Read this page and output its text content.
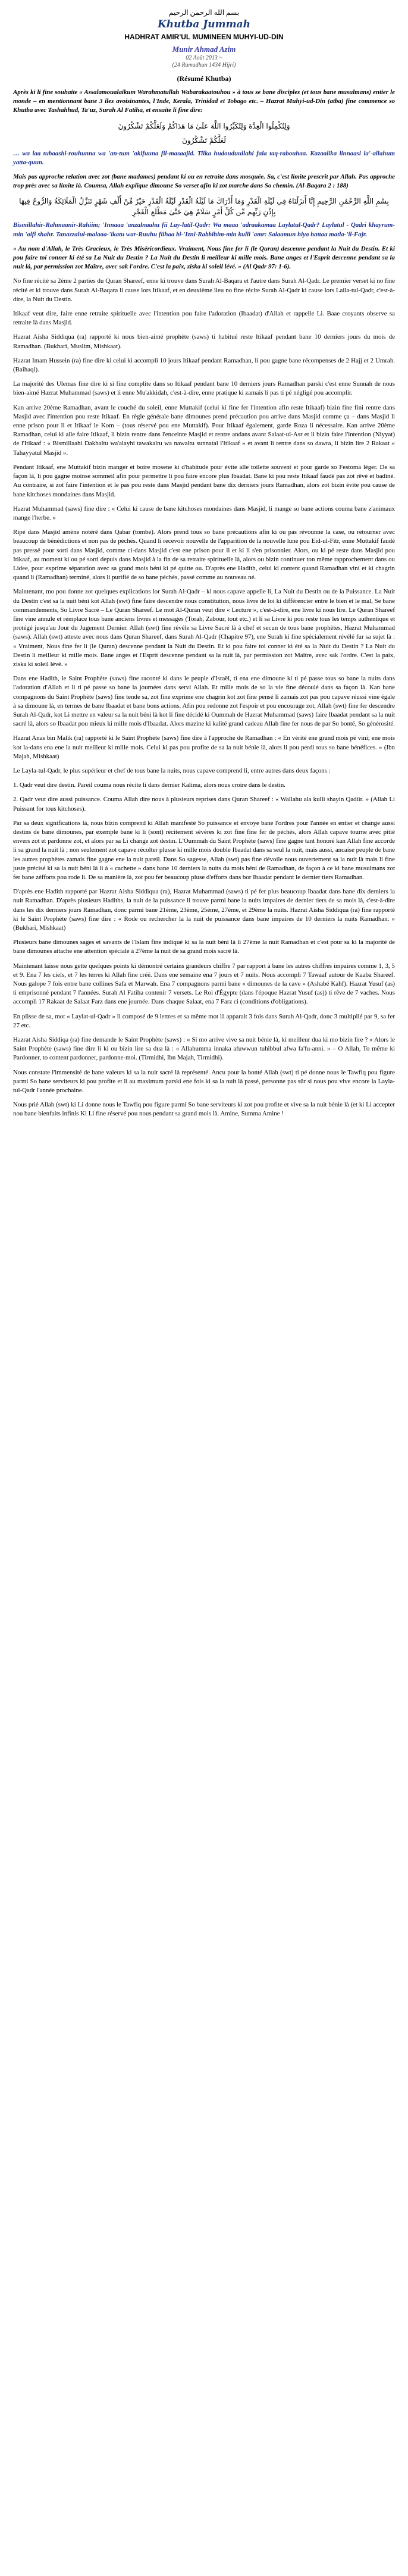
بسم الله الرحمن الرحيم
Khutba Jummah
HADHRAT AMIR'UL MUMINEEN MUHYI-UD-DIN
Munir Ahmad Azim
02 Août 2013 ~
(24 Ramadhan 1434 Hijri)
(Résumé Khutba)

Après ki li fine souhaite « Assalamoualaikum Warahmatullah Wabarakaatouhou » à tous se bane disciples (et tous bane musulmans) entier le monde – en mentionnant bane 3 îles avoisinantes, l'Inde, Kerala, Trinidad et Tobago etc. – Hazrat Muhyi-ud-Din (atba) fine commence so Khutba avec Tashahhud, Ta'uz, Surah Al Fatiha, et ensuite li fine dire:

وَلِتُكْمِلُوا الْعِدَّةَ وَلِتُكَبِّرُوا اللَّهَ عَلَىٰ مَا هَدَاكُمْ وَلَعَلَّكُمْ تَشْكُرُونَ
لَعَلَّكُمْ تَشْكُرُونَ

… wa laa tubaashi-rouhunna wa 'an-tum 'akifuuna fil-masaajid. Tilka hudouduullahi fala taq-rabouhaa. Kazaalika linnaasi la'-allahum yatta-quun.

Mais pas approche relation avec zot (bane madames) pendant ki ou en retraite dans mosquée. Sa, c'est limite prescrit par Allah. Pas approche trop près avec sa limite là. Coumsa, Allah explique dimoune So verset afin ki zot marche dans So chemin. (Al-Baqara 2 : 188)

بِسْمِ اللَّهِ الرَّحْمَٰنِ الرَّحِيمِ إِنَّا أَنزَلْنَاهُ فِي لَيْلَةِ الْقَدْرِ وَمَا أَدْرَاكَ مَا لَيْلَةُ الْقَدْرِ لَيْلَةُ الْقَدْرِ خَيْرٌ مِّنْ أَلْفِ شَهْرٍ تَنَزَّلُ الْمَلَائِكَةُ وَالرُّوحُ فِيهَا بِإِذْنِ رَبِّهِم مِّن كُلِّ أَمْرٍ سَلَامٌ هِيَ حَتَّىٰ مَطْلَعِ الْفَجْرِ

Bismillahir-Rahmaanir-Rahiim; 'Innaaa 'anzalnaahu fii Lay-latil-Qadr: Wa maaa 'adraakamaa Laylatul-Qadr? Laylatul - Qadri khayrum-min 'alfi shahr. Tanazzalul-malaaa-'ikatu war-Ruuhu fiihaa bi-'Izni-Rabbihim-min kulli 'amr: Salaamun hiya hattaa matla-'il-Fajr.

« Au nom d'Allah, le Très Gracieux, le Très Miséricordieux. Vraiment, Nous fine fer li (le Quran) descenne pendant la Nuit du Destin. Et ki pou faire toi conner ki été sa La Nuit du Destin ? La Nuit du Destin li meilleur ki mille mois. Bane anges et l'Esprit descenne pendant sa la nuit là, par permission zot Maître, avec sak l'ordre. C'est la paix, ziska ki soleil lévé. » (Al Qadr 97: 1-6).

No fine récité sa 2ème 2 parties du Quran Shareef, enne ki trouve dans Surah Al-Baqara et l'autre dans Surah Al-Qadr. Le premier verset ki no fine récité et ki trouve dans Surah Al-Baqara li cause lors Itikaaf, et en deuxième lieu no fine récite Surah Al-Qadr ki cause lors Laila-tul-Qadr, c'est-à-dire, la Nuit du Destin.

Itikaaf veut dire, faire enne retraite spirituelle avec l'intention pou faire l'adoration (Ibaadat) d'Allah et rappelle Li. Baae croyants observe sa retraite là dans Masjid.

Hazrat Aisha Siddiqua (ra) rapporté ki nous bien-aimé prophète (saws) ti habitué reste Itikaaf pendant bane 10 derniers jours du mois de Ramadhan. (Bukhari, Muslim, Mishkaat).

Hazrat Imam Hussein (ra) fine dire ki celui ki accompli 10 jours Itikaaf pendant Ramadhan, li pou gagne bane récompenses de 2 Hajj et 2 Umrah. (Baihaqi).

La majorité des Ulemas fine dire ki si fine complite dans so Itikaaf pendant bane 10 derniers jours Ramadhan parski c'est enne Sunnah de nous bien-aimé Hazrat Muhammad (saws) et li enne Mu'akkidah, c'est-à-dire, enne pratique ki zamais li pas ti pé négligé pou accomplir.

Kan arrive 20ème Ramadhan, avant le couché du soleil, enne Muttakif (celui ki fine fer l'intention afin reste Itikaaf) bizin fine fini rentre dans Masjid avec l'intention pou reste Itikaaf. En règle générale bane dimounes prend précaution pou arrive dans Masjid comme ça – dans Masjid li enne prison pour li et Itikaaf le Kom – (tous réservé pou ene Muttakif). Pour Itikaaf également, garde Roza li nécessaire. Kan arrive 20ème Ramadhan, celui ki alle faire Itikaaf, li bizin rentre dans l'enceinte Masjid et rentre andans avant Salaat-ul-Asr et li bizin faire l'intention (Niyyat) de l'Itikaaf : « Bismillaahi Dakhaltu wa'alayhi tawakaltu wa nawaltu sunnatal l'Itikaaf » et avant li rentre dans so dawra, li bizin lire 2 Rakaat « Tahayyatul Masjid ».

Pendant Itikaaf, ene Muttakif bizin manger et boire mosene ki d'habitude pour évite alle toilette souvent et pour garde so Festoma léger. De sa façon là, li pou gagne moinse sommeil afin pour permettre li pou faire encore plus Ibaadat. Bane ki pou reste Itikaaf faudé pas zot rêvé et badiné. Au contraire, si zot faire l'intention et le pas pou reste dans Masjid pendant bane dix derniers jours Ramadhan, alors zot bizin évite pou cause de bane kitchoses mondaines dans Masjid.

Hazrat Muhammad (saws) fine dire : « Celui ki cause de bane kitchoses mondaines dans Masjid, li mange so bane actions couma bane z'animaux mange l'herbe. »

Ripé dans Masjid amène notéré dans Qabar (tombe). Alors prend tous so bane précautions afin ki ou pas révounne la case, ou retourner avec beaucoup de bénédictions et non pas de péchés. Quand li recevoir nouvelle de l'apparition de la nouvelle lune pou Eid-ul-Fitr, enne Muttakif faudé pas pressé pour sorti dans Masjid, comme ci-dans Masjid c'est ene prison pour li et ki li s'en prisonnier. Alors, ou ki pé reste dans Masjid pou Itikaaf, au moment ki ou pé sorti depuis dans Masjid à la fin de sa retraite spirituelle là, alors ou bizin continuer ton même rapprochement dans ou Lidee, pour exprime séparation avec sa grand mois béni ki pé quitte ou. D'après ene Hadith, celui ki content quand Ramadhan vini et ki chagrin quand li (Ramadhan) terminé, alors li purifié de so bane péchés, passé comme au nouveau né.

Maintenant, mo pou donne zot quelques explications lor Surah Al-Qadr – ki nous capave appelle li, La Nuit du Destin ou de la Puissance. La Nuit du Destin c'est sa la nuit béni kot Allah (swt) fine faire descendre nous constitution, nous livre de loi ki différencier entre le bien et le mal, Se bane commandements, So Livre Sacré – Le Quran Shareef. Le mot Al-Quran veut dire « Lecture », c'est-à-dire, ene livre ki nous lire. Le Quran Shareef fine vine annule et remplace tous bane anciens livres et messages (Torah, Zabour, tout etc.) et li sa Livre ki pou reste tous les temps authentique et protégé jusqu'au Jour du Jugement Dernier. Allah (swt) fine révéle sa Livre Sacré là à chef et secun de tous bane prophètes, Hazrat Muhammad (saws). Allah (swt) atteste avec nous dans Quran Shareef, dans Surah Al-Qadr (Chapitre 97), ene Surah ki fine spécialement révélé fur sa sujet là : « Vraiment, Nous fine fer li (le Quran) descenne pendant la Nuit du Destin. Et ki pou faire toi conner ki été sa la Nuit du Destin ? La Nuit du Destin li meilleur ki mille mois. Bane anges et l'Esprit descenne pendant sa la nuit là, par permission zot Maître, avec sak l'ordre. C'est la paix, ziska ki soleil lévé. »

Dans ene Hadith, le Saint Prophète (saws) fine raconté ki dans le peuple d'Israël, ti ena ene dimoune ki ti pé passe tous so bane la nuits dans l'adoration d'Allah et li ti pé passe so bane la journées dans servi Allah. Et mille mois de so la vie fine découlé dans sa façon là. Kan bane compagnons du Saint Prophète (saws) fine tende sa, zot fine exprime ene chagrin kot zot fine pensé li zamais zot pas pou capave réussi vine égale à sa dimoune là, en termes de bane Ibaadat et bane bons actions. Afin pou redonne zot l'espoir et pou encourage zot, Allah (swt) fine fer descendre Surah Al-Qadr, kot Li mettre en valeur sa la nuit béni là kot li fine décidé ki Oummah de Hazrat Muhammad (saws) faire Ibaadat pendant sa la nuit sacré là, alors so Ibaadat pou mieux ki mille mois d'Ibaadat. Alors mazine ki kalité grand cadeau Allah fine fer nous de par So bonté, So générosité.

Hazrat Anas bin Malik (ra) rapporté ki le Saint Prophète (saws) fine dire à l'approche de Ramadhan : « En vérité ene grand mois pé vini; ene mois kot la-dans ena ene la nuit meilleur ki mille mois. Celui ki pas pou profite de sa la nuit bénie là, alors li pou perdi tous so bane bénéfices. » (Ibn Majah, Mishkaat)

Le Layla-tul-Qadr, le plus supérieur et chef de tous bane la nuits, nous capave comprend li, entre autres dans deux façons :

1. Qadr veut dire destin. Pareil couma nous récite li dans dernier Kalima, alors nous croire dans le destin.

2. Qadr veut dire aussi puissance. Couma Allah dire nous à plusieurs reprises dans Quran Shareef : « Wallahu ala kulli shayin Qadiir. » (Allah Li Puissant for tous kitchoses).

Par sa deux significations là, nous bizin comprend ki Allah manifesté So puissance et envoye bane l'ordres pour l'année en entier et change aussi destins de bane dimounes, par exemple bane ki li (sont) récitement sévères ki zot fine fine fer de péchés, alors Allah capave tourne avec pitié envers zot et pardonne zot, et alors par sa Li change zot destin. L'Oummah du Saint Prophète (saws) fine gagne tant honoré kan Allah fine accorde li sa grand la nuit là ; non seulement zot capave récolter plusse ki mille mois double Ibaadat dans sa seul la nuit, mais aussi, ancaise peuple de bane les autres prophètes zamais fine gagne ene la nuit pareil. Dans So sagesse, Allah (swt) pas fine dévoile nous ouvertement sa la nuit là mais li fine juste précisé ki sa la nuit béni là li à « cachette » dans bane 10 derniers la nuits du mois béni de Ramadhan, de façon à ce ki bane musulmans zot fer bane zéfforts pou rode li. De sa manière là, zot pou fer beaucoup pluse d'efforts dans bor Ibaadat pendant le dernier tiers Ramadhan.

D'après ene Hadith rapporté par Hazrat Aisha Siddiqua (ra), Hazrat Muhammad (saws) ti pé fer plus beaucoup Ibaadat dans bane dix derniers la nuit Ramadhan. D'après plusieurs Hadiths, la nuit de la puissance li trouve parmi bane la nuits impaires de dernier tiers de sa mois là, c'est-à-dire dans les dix derniers jours Ramadhan, donc parmi bane 21ème, 23ème, 25ème, 27ème, et 29ème la nuits. Hazrat Aisha Siddiqua (ra) fine rapporté ki le Saint Prophète (saws) fine dire : « Rode ou rechercher la la nuit de puissance dans bane impaires de 10 derniers la nuits Ramadhan. » (Bukhari, Mishkaat)

Plusieurs bane dimounes sages et savants de l'Islam fine indiqué ki sa la nuit béni là li 27ème la nuit Ramadhan et c'est pour sa ki la majorité de bane dimounes attache ene attention spéciale à 27ème la nuit de sa grand mois sacré là.

Maintenant laisse nous gette quelques points ki démontré certains grandeurs chiffre 7 par rapport à bane les autres chiffres impaires comme 1, 3, 5 et 9. Ena 7 les ciels, et 7 les terres ki Allah fine créé. Dans ene semaine ena 7 jours et 7 nuits. Nous accompli 7 Tawaaf autour de Kaaba Shareef. Nous galope 7 fois entre bane collines Safa et Marwah. Ena 7 compagnons parmi bane « dimounes de la cave » (Ashabé Kahf). Hazrat Yusuf (as) ti emprisonné pendant 7 l'années. Surah Al Fatiha contenir 7 versets. Le Roi d'Égypte (dans l'époque Hazrat Yusuf (as)) ti rêve de 7 vaches. Nous accompli 17 Rakaat de Salaat Farz dans ene journée. Dans chaque Salaat, ena 7 Farz ci (conditions d'obligations).

En plisse de sa, mot « Laylat-ul-Qadr » li composé de 9 lettres et sa même mot là apparait 3 fois dans Surah Al-Qadr, donc 3 multiplié par 9, sa fer 27 etc.

Hazrat Aisha Siddiqa (ra) fine demande le Saint Prophète (saws) : « Si mo arrive vive sa nuit bénie là, ki meilleur dua ki mo bizin lire ? » Alors le Saint Prophète (saws) fine dire li ki ou bizin lire sa dua là : « Allahumma innaka afuwwun tuhibbul afwa fa'fu-anni. » – O Allah, To même ki Pardonner, to content pardonner, pardonne-moi. (Tirmidhi, Ibn Majah, Tirmidhi).

Nous constate l'immensité de bane valeurs ki sa la nuit sacré là représenté. Ancu pour la bonté Allah (swt) ti pé donne nous le Tawfiq pou figure parmi So bane serviteurs ki pou profite et li au maximum parski ene fois ki sa la nuit là passé, personne pas sûr si nous pou vive encore la Layla-tul-Qadr l'année prochaine.

Nous prié Allah (swt) ki Li donne nous le Tawfiq pou figure parmi So bane serviteurs ki zot pou profite et vive sa la nuit bénie là (et ki Li accepter nou bane bienfaits infinis Ki Li fine réservé pou nous pendant sa grand mois là. Amine, Summa Amine !
